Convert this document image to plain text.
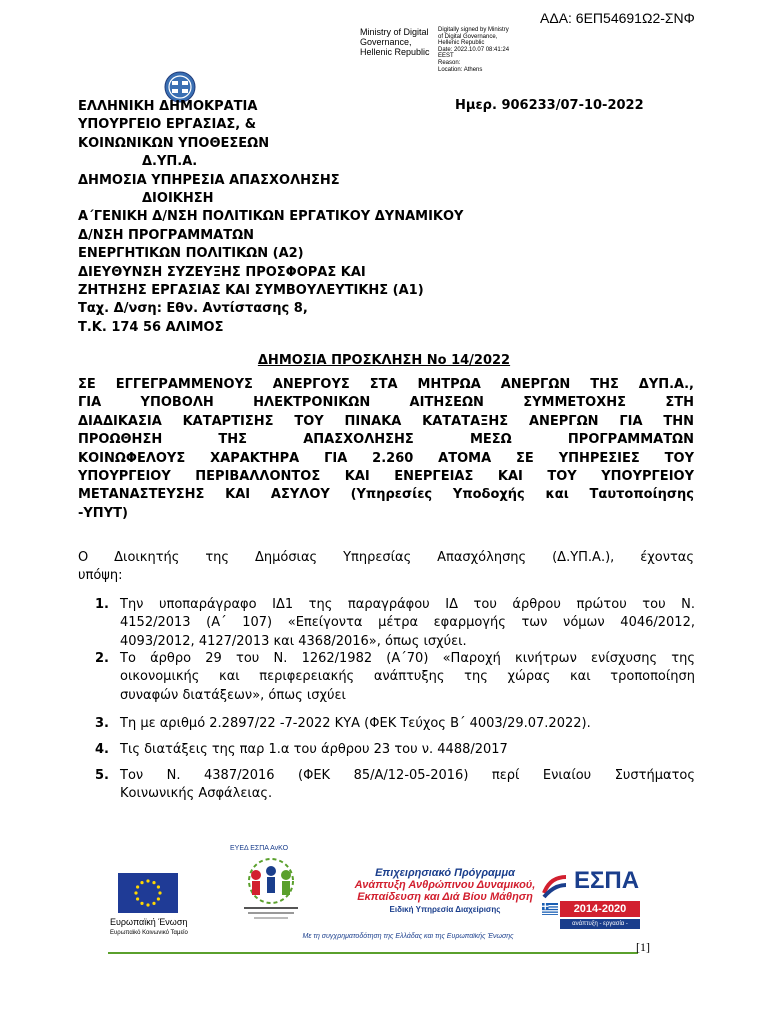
ΑΔΑ: 6ΕΠ54691Ω2-ΣΝΦ
Ministry of Digital
Governance,
Hellenic Republic
Digitally signed by Ministry
of Digital Governance,
Hellenic Republic
Date: 2022.10.07 08:41:24
EEST
Reason:
Location: Athens
ΕΛΛΗΝΙΚΗ ΔΗΜΟΚΡΑΤΙΑ
ΥΠΟΥΡΓΕΙΟ ΕΡΓΑΣΙΑΣ, &
ΚΟΙΝΩΝΙΚΩΝ ΥΠΟΘΕΣΕΩΝ
Δ.ΥΠ.Α.
ΔΗΜΟΣΙΑ ΥΠΗΡΕΣΙΑ ΑΠΑΣΧΟΛΗΣΗΣ
ΔΙΟΙΚΗΣΗ
Α΄ΓΕΝΙΚΗ Δ/ΝΣΗ ΠΟΛΙΤΙΚΩΝ ΕΡΓΑΤΙΚΟΥ ΔΥΝΑΜΙΚΟΥ
Δ/ΝΣΗ ΠΡΟΓΡΑΜΜΑΤΩΝ
ΕΝΕΡΓΗΤΙΚΩΝ ΠΟΛΙΤΙΚΩΝ (Α2)
ΔΙΕΥΘΥΝΣΗ ΣΥΖΕΥΞΗΣ ΠΡΟΣΦΟΡΑΣ ΚΑΙ
ΖΗΤΗΣΗΣ ΕΡΓΑΣΙΑΣ ΚΑΙ ΣΥΜΒΟΥΛΕΥΤΙΚΗΣ (Α1)
Ταχ. Δ/νση: Εθν. Αντίστασης 8,
Τ.Κ. 174 56 ΑΛΙΜΟΣ
Ημερ. 906233/07-10-2022
ΔΗΜΟΣΙΑ ΠΡΟΣΚΛΗΣΗ Νο 14/2022
ΣΕ ΕΓΓΕΓΡΑΜΜΕΝΟΥΣ ΑΝΕΡΓΟΥΣ ΣΤΑ ΜΗΤΡΩΑ ΑΝΕΡΓΩΝ ΤΗΣ ΔΥΠ.Α.,
ΓΙΑ ΥΠΟΒΟΛΗ ΗΛΕΚΤΡΟΝΙΚΩΝ ΑΙΤΗΣΕΩΝ ΣΥΜΜΕΤΟΧΗΣ ΣΤΗ
ΔΙΑΔΙΚΑΣΙΑ ΚΑΤΑΡΤΙΣΗΣ ΤΟΥ ΠΙΝΑΚΑ ΚΑΤΑΤΑΞΗΣ ΑΝΕΡΓΩΝ ΓΙΑ ΤΗΝ
ΠΡΟΩΘΗΣΗ ΤΗΣ ΑΠΑΣΧΟΛΗΣΗΣ ΜΕΣΩ ΠΡΟΓΡΑΜΜΑΤΩΝ
ΚΟΙΝΩΦΕΛΟΥΣ ΧΑΡΑΚΤΗΡΑ ΓΙΑ 2.260 ΑΤΟΜΑ ΣΕ ΥΠΗΡΕΣΙΕΣ ΤΟΥ
ΥΠΟΥΡΓΕΙΟΥ ΠΕΡΙΒΑΛΛΟΝΤΟΣ ΚΑΙ ΕΝΕΡΓΕΙΑΣ ΚΑΙ ΤΟΥ ΥΠΟΥΡΓΕΙΟΥ
ΜΕΤΑΝΑΣΤΕΥΣΗΣ ΚΑΙ ΑΣΥΛΟΥ (Υπηρεσίες Υποδοχής και Ταυτοποίησης
-ΥΠΥΤ)
Ο Διοικητής της Δημόσιας Υπηρεσίας Απασχόλησης (Δ.ΥΠ.Α.), έχοντας
υπόψη:
1. Την υποπαράγραφο ΙΔ1 της παραγράφου ΙΔ του άρθρου πρώτου του Ν.
4152/2013 (Α΄ 107) «Επείγοντα μέτρα εφαρμογής των νόμων 4046/2012,
4093/2012, 4127/2013 και 4368/2016», όπως ισχύει.
2. Το άρθρο 29 του Ν. 1262/1982 (Α΄70) «Παροχή κινήτρων ενίσχυσης της
οικονομικής και περιφερειακής ανάπτυξης της χώρας και τροποποίηση
συναφών διατάξεων», όπως ισχύει
3. Τη με αριθμό 2.2897/22 -7-2022 ΚΥΑ (ΦΕΚ Τεύχος Β΄ 4003/29.07.2022).
4. Τις διατάξεις της παρ 1.α του άρθρου 23 του ν. 4488/2017
5. Τον Ν. 4387/2016 (ΦΕΚ 85/Α/12-05-2016) περί Ενιαίου Συστήματος
Κοινωνικής Ασφάλειας.
Ευρωπαϊκή Ένωση
Ευρωπαϊκό Κοινωνικό Ταμείο
ΕΥΕΔ ΕΣΠΑ ΑνΚΟ
Επιχειρησιακό Πρόγραμμα
Ανάπτυξη Ανθρώπινου Δυναμικού,
Εκπαίδευση και Διά Βίου Μάθηση
Ειδική Υπηρεσία Διαχείρισης
Με τη συγχρηματοδότηση της Ελλάδας και της Ευρωπαϊκής Ένωσης
ΕΣΠΑ
2014-2020
ανάπτυξη - εργασία - αλληλεγγύη
[1]
